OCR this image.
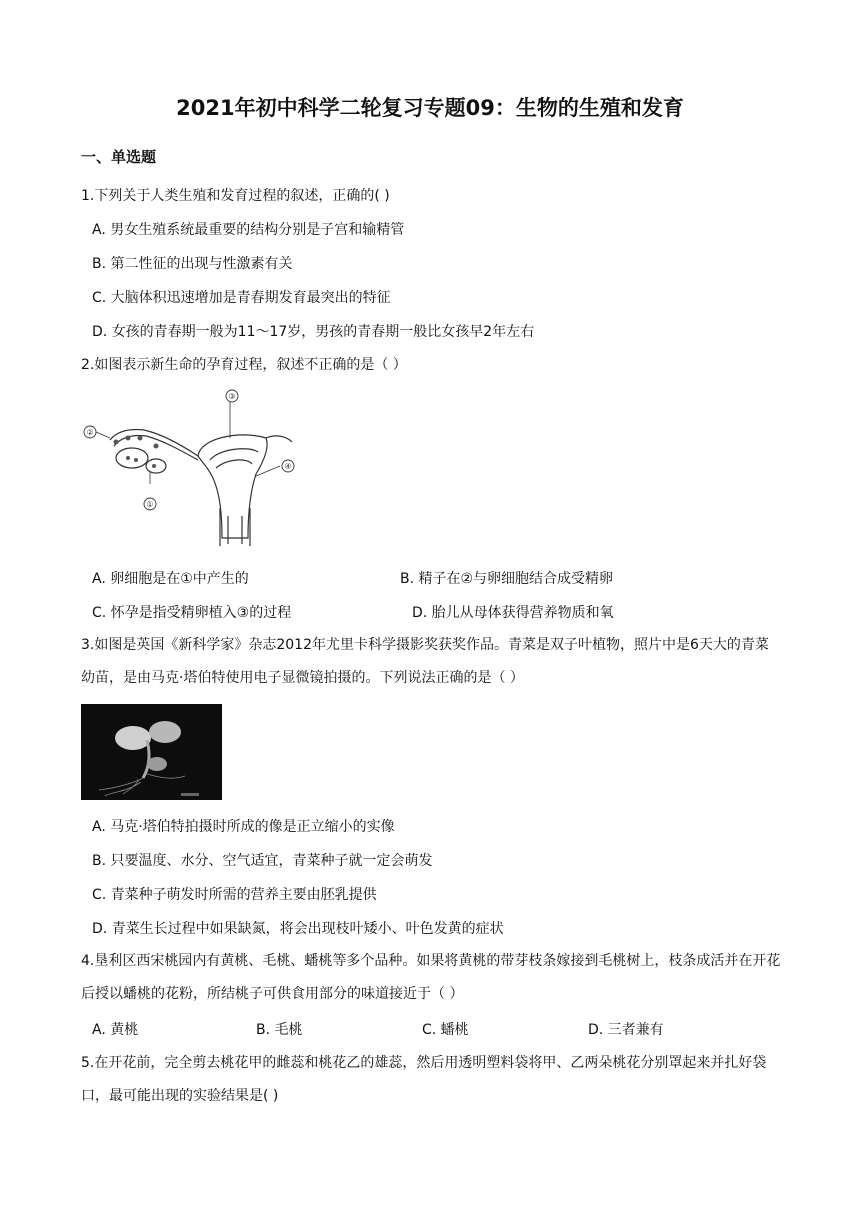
2021年初中科学二轮复习专题09：生物的生殖和发育
一、单选题
1.下列关于人类生殖和发育过程的叙述，正确的( )
A. 男女生殖系统最重要的结构分别是子宫和输精管
B. 第二性征的出现与性激素有关
C. 大脑体积迅速增加是青春期发育最突出的特征
D. 女孩的青春期一般为11～17岁，男孩的青春期一般比女孩早2年左右
2.如图表示新生命的孕育过程，叙述不正确的是（ ）
①
②
③
④
A. 卵细胞是在①中产生的	B. 精子在②与卵细胞结合成受精卵
C. 怀孕是指受精卵植入③的过程	D. 胎儿从母体获得营养物质和氧
3.如图是英国《新科学家》杂志2012年尤里卡科学摄影奖获奖作品。青菜是双子叶植物，照片中是6天大的青菜幼苗，是由马克·塔伯特使用电子显微镜拍摄的。下列说法正确的是（ ）
A. 马克·塔伯特拍摄时所成的像是正立缩小的实像
B. 只要温度、水分、空气适宜，青菜种子就一定会萌发
C. 青菜种子萌发时所需的营养主要由胚乳提供
D. 青菜生长过程中如果缺氮，将会出现枝叶矮小、叶色发黄的症状
4.垦利区西宋桃园内有黄桃、毛桃、蟠桃等多个品种。如果将黄桃的带芽枝条嫁接到毛桃树上，枝条成活并在开花后授以蟠桃的花粉，所结桃子可供食用部分的味道接近于（ ）
A. 黄桃	B. 毛桃	C. 蟠桃	D. 三者兼有
5.在开花前，完全剪去桃花甲的雌蕊和桃花乙的雄蕊，然后用透明塑料袋将甲、乙两朵桃花分别罩起来并扎好袋口，最可能出现的实验结果是( )
